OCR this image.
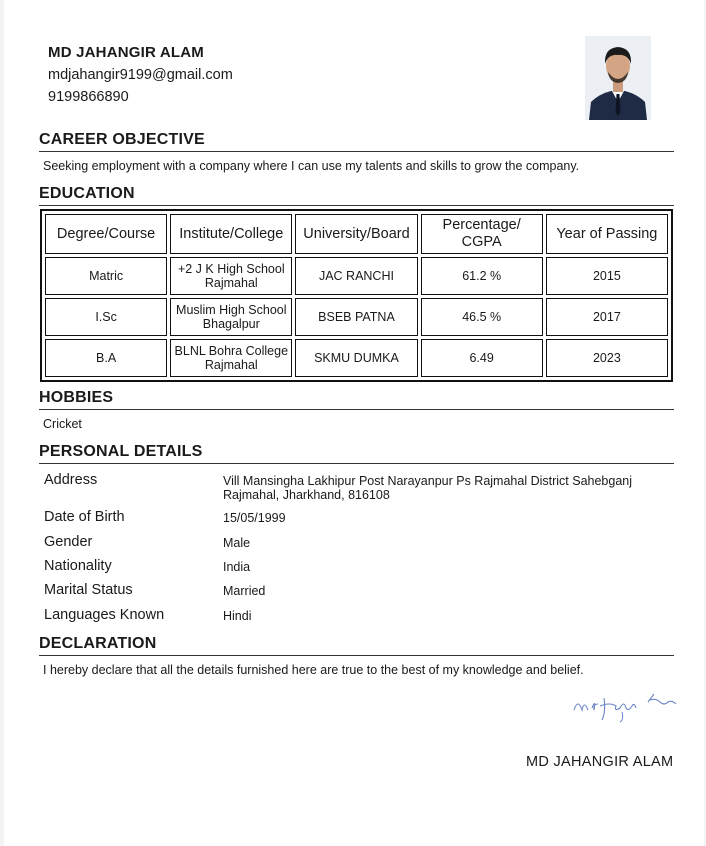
MD JAHANGIR ALAM
mdjahangir9199@gmail.com
9199866890
CAREER OBJECTIVE
Seeking employment with a company where I can use my talents and skills to grow the company.
EDUCATION
Degree/Course	Institute/College	University/Board	Percentage/ CGPA	Year of Passing
Matric	+2 J K High School Rajmahal	JAC RANCHI	61.2 %	2015
I.Sc	Muslim High School Bhagalpur	BSEB PATNA	46.5 %	2017
B.A	BLNL Bohra College Rajmahal	SKMU DUMKA	6.49	2023
HOBBIES
Cricket
PERSONAL DETAILS
Address	Vill Mansingha Lakhipur Post Narayanpur Ps Rajmahal District Sahebganj Rajmahal, Jharkhand, 816108
Date of Birth	15/05/1999
Gender	Male
Nationality	India
Marital Status	Married
Languages Known	Hindi
DECLARATION
I hereby declare that all the details furnished here are true to the best of my knowledge and belief.
MD JAHANGIR ALAM
